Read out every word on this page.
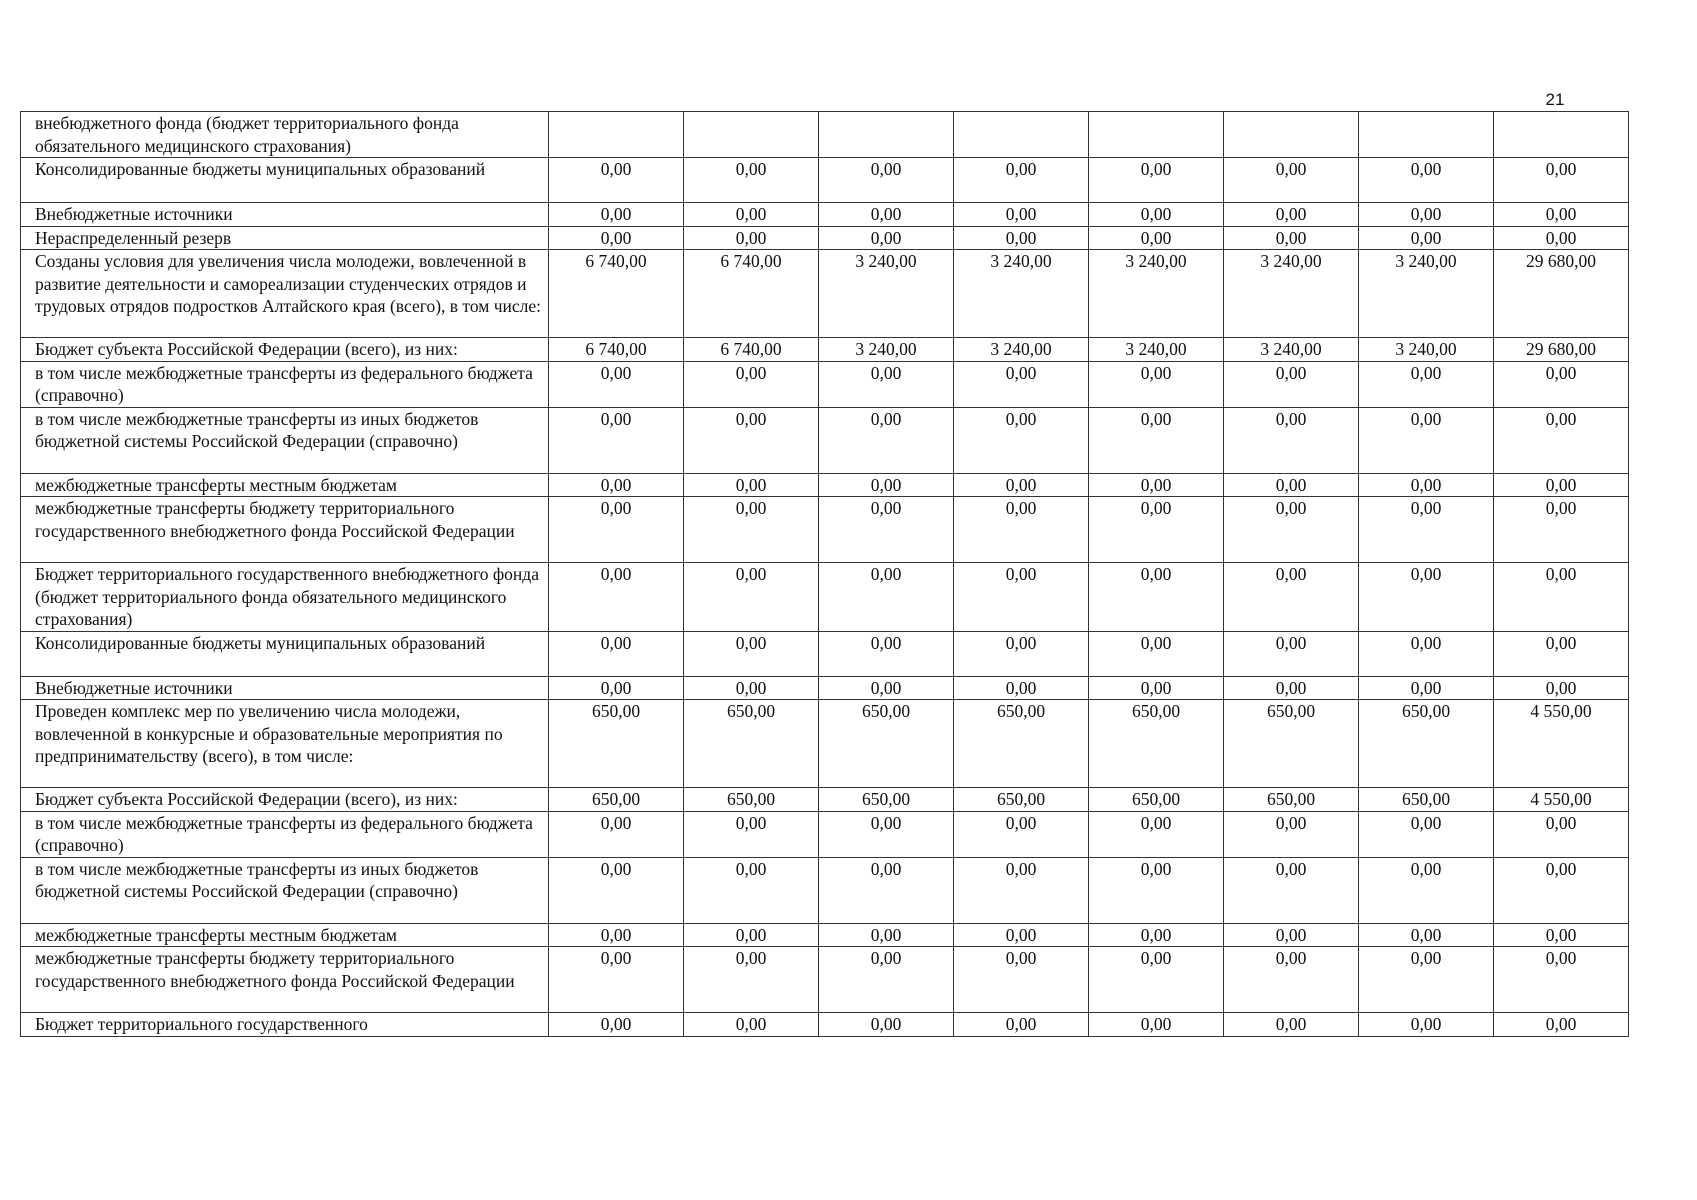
21
внебюджетного фонда (бюджет территориального фонда обязательного медицинского страхования)								
Консолидированные бюджеты муниципальных образований	0,00	0,00	0,00	0,00	0,00	0,00	0,00	0,00
Внебюджетные источники	0,00	0,00	0,00	0,00	0,00	0,00	0,00	0,00
Нераспределенный резерв	0,00	0,00	0,00	0,00	0,00	0,00	0,00	0,00
Созданы условия для увеличения числа молодежи, вовлеченной в развитие деятельности и самореализации студенческих отрядов и трудовых отрядов подростков Алтайского края (всего), в том числе:	6 740,00	6 740,00	3 240,00	3 240,00	3 240,00	3 240,00	3 240,00	29 680,00
Бюджет субъекта Российской Федерации (всего), из них:	6 740,00	6 740,00	3 240,00	3 240,00	3 240,00	3 240,00	3 240,00	29 680,00
в том числе межбюджетные трансферты из федерального бюджета (справочно)	0,00	0,00	0,00	0,00	0,00	0,00	0,00	0,00
в том числе межбюджетные трансферты из иных бюджетов бюджетной системы Российской Федерации (справочно)	0,00	0,00	0,00	0,00	0,00	0,00	0,00	0,00
межбюджетные трансферты местным бюджетам	0,00	0,00	0,00	0,00	0,00	0,00	0,00	0,00
межбюджетные трансферты бюджету территориального государственного внебюджетного фонда Российской Федерации	0,00	0,00	0,00	0,00	0,00	0,00	0,00	0,00
Бюджет территориального государственного внебюджетного фонда (бюджет территориального фонда обязательного медицинского страхования)	0,00	0,00	0,00	0,00	0,00	0,00	0,00	0,00
Консолидированные бюджеты муниципальных образований	0,00	0,00	0,00	0,00	0,00	0,00	0,00	0,00
Внебюджетные источники	0,00	0,00	0,00	0,00	0,00	0,00	0,00	0,00
Проведен комплекс мер по увеличению числа молодежи, вовлеченной в конкурсные и образовательные мероприятия по предпринимательству (всего), в том числе:	650,00	650,00	650,00	650,00	650,00	650,00	650,00	4 550,00
Бюджет субъекта Российской Федерации (всего), из них:	650,00	650,00	650,00	650,00	650,00	650,00	650,00	4 550,00
в том числе межбюджетные трансферты из федерального бюджета (справочно)	0,00	0,00	0,00	0,00	0,00	0,00	0,00	0,00
в том числе межбюджетные трансферты из иных бюджетов бюджетной системы Российской Федерации (справочно)	0,00	0,00	0,00	0,00	0,00	0,00	0,00	0,00
межбюджетные трансферты местным бюджетам	0,00	0,00	0,00	0,00	0,00	0,00	0,00	0,00
межбюджетные трансферты бюджету территориального государственного внебюджетного фонда Российской Федерации	0,00	0,00	0,00	0,00	0,00	0,00	0,00	0,00
Бюджет территориального государственного	0,00	0,00	0,00	0,00	0,00	0,00	0,00	0,00
